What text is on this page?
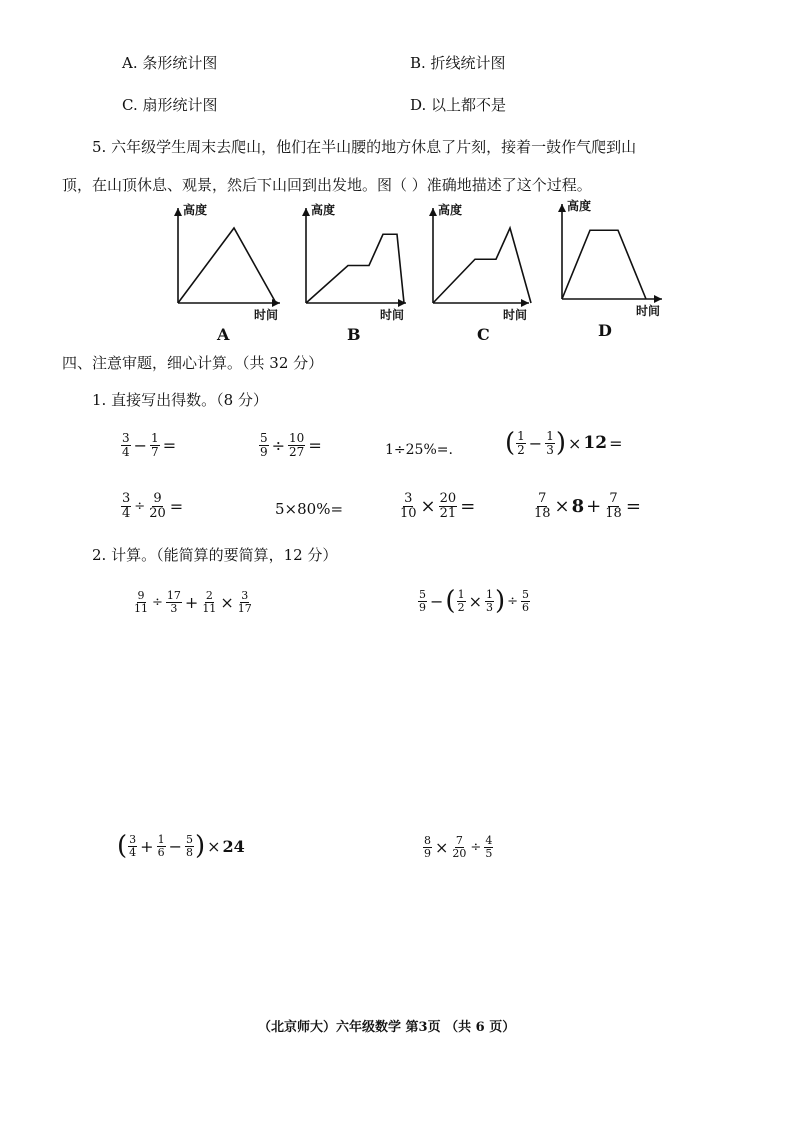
A. 条形统计图	B. 折线统计图
C. 扇形统计图	D. 以上都不是
5. 六年级学生周末去爬山，他们在半山腰的地方休息了片刻，接着一鼓作气爬到山
顶，在山顶休息、观景，然后下山回到出发地。图（ ）准确地描述了这个过程。
高度
时间
A
高度
时间
B
高度
时间
C
高度
时间
D
四、注意审题，细心计算。（共 32 分）
1. 直接写出得数。（8 分）
$\frac{3}{4} - \frac{1}{7}$ =	$\frac{5}{9} \div \frac{10}{27}$ =	1÷25%=. ( $\frac{1}{2} - \frac{1}{3}$ ) × 12 =
$\frac{3}{4} \div \frac{9}{20}$ =	5×80%=	$\frac{3}{10} \times \frac{20}{21}$ =	$\frac{7}{18} \times 8 + \frac{7}{18}$ =
2. 计算。（能简算的要简算，12 分）
$\frac{9}{11} \div \frac{17}{3} + \frac{2}{11} \times \frac{3}{17}$	$\frac{5}{9}$ − ( $\frac{1}{2} \times \frac{1}{3}$ ) ÷ $\frac{5}{6}$
( $\frac{3}{4} + \frac{1}{6} - \frac{5}{8}$ ) × 24	$\frac{8}{9} \times \frac{7}{20} \div \frac{4}{5}$
（北京师大）六年级数学 第3页 （共 6 页）
